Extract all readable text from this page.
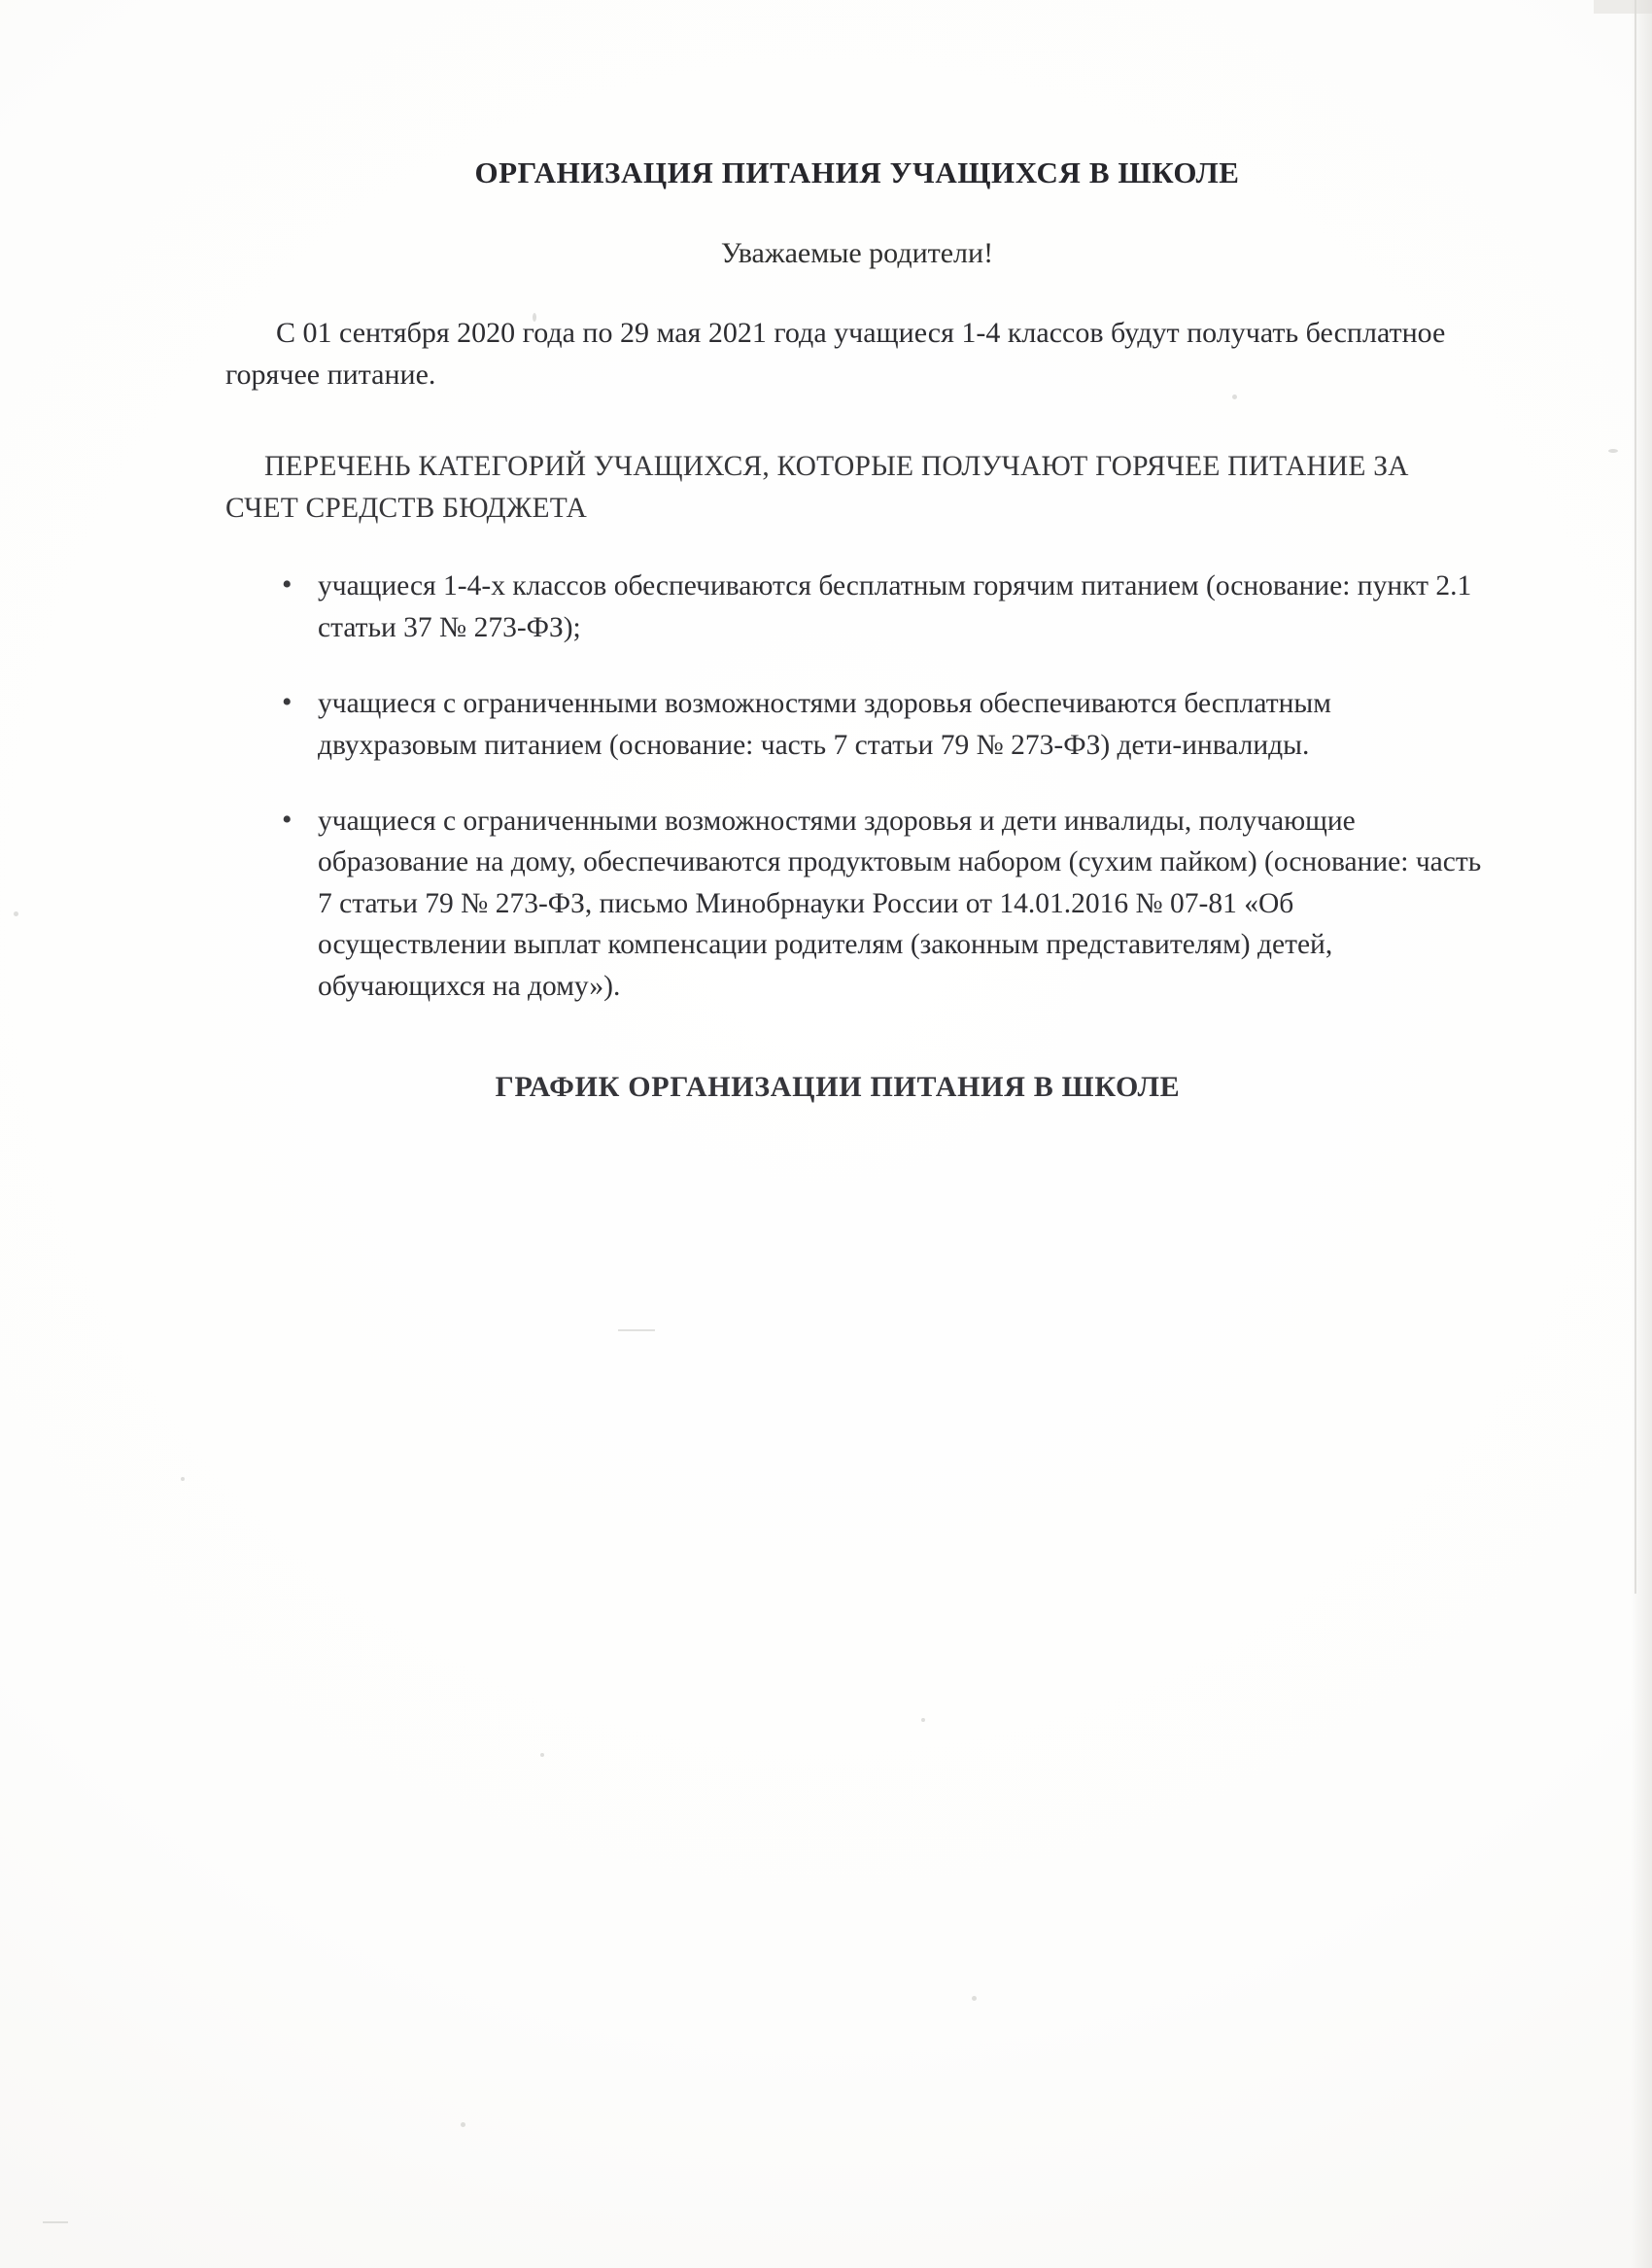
ОРГАНИЗАЦИЯ ПИТАНИЯ УЧАЩИХСЯ В ШКОЛЕ

Уважаемые родители!

С 01 сентября 2020 года по 29 мая 2021 года учащиеся 1-4 классов будут получать бесплатное горячее питание.

ПЕРЕЧЕНЬ КАТЕГОРИЙ УЧАЩИХСЯ, КОТОРЫЕ ПОЛУЧАЮТ ГОРЯЧЕЕ ПИТАНИЕ ЗА СЧЕТ СРЕДСТВ БЮДЖЕТА

• учащиеся 1-4-х классов обеспечиваются бесплатным горячим питанием (основание: пункт 2.1 статьи 37 № 273-ФЗ);
• учащиеся с ограниченными возможностями здоровья обеспечиваются бесплатным двухразовым питанием (основание: часть 7 статьи 79 № 273-ФЗ) дети-инвалиды.
• учащиеся с ограниченными возможностями здоровья и дети инвалиды, получающие образование на дому, обеспечиваются продуктовым набором (сухим пайком) (основание: часть 7 статьи 79 № 273-ФЗ, письмо Минобрнауки России от 14.01.2016 № 07-81 «Об осуществлении выплат компенсации родителям (законным представителям) детей, обучающихся на дому»).
ГРАФИК ОРГАНИЗАЦИИ ПИТАНИЯ В ШКОЛЕ
